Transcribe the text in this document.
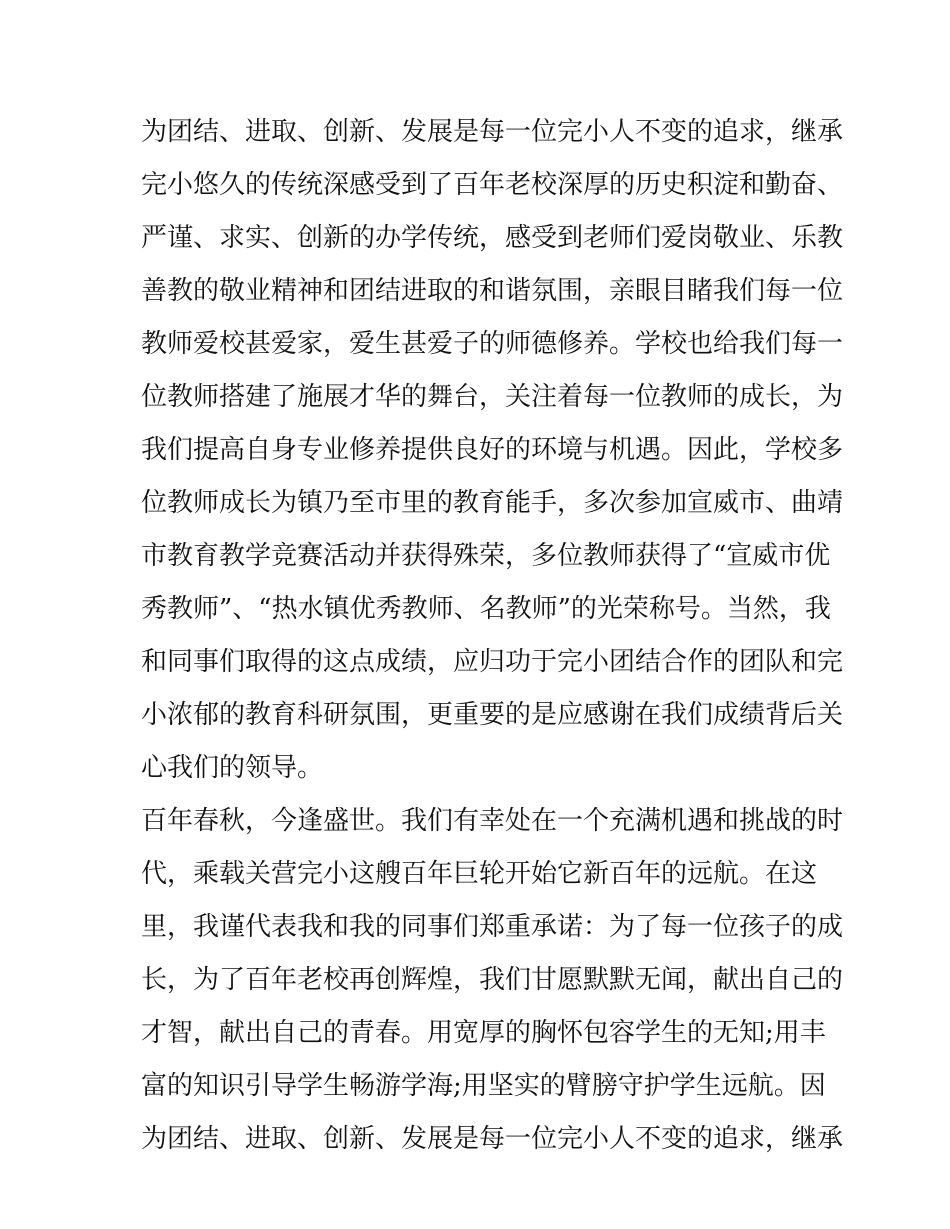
为团结、进取、创新、发展是每一位完小人不变的追求，继承
完小悠久的传统深感受到了百年老校深厚的历史积淀和勤奋、
严谨、求实、创新的办学传统，感受到老师们爱岗敬业、乐教
善教的敬业精神和团结进取的和谐氛围，亲眼目睹我们每一位
教师爱校甚爱家，爱生甚爱子的师德修养。学校也给我们每一
位教师搭建了施展才华的舞台，关注着每一位教师的成长，为
我们提高自身专业修养提供良好的环境与机遇。因此，学校多
位教师成长为镇乃至市里的教育能手，多次参加宣威市、曲靖
市教育教学竞赛活动并获得殊荣，多位教师获得了“宣威市优
秀教师”、“热水镇优秀教师、名教师”的光荣称号。当然，我
和同事们取得的这点成绩，应归功于完小团结合作的团队和完
小浓郁的教育科研氛围，更重要的是应感谢在我们成绩背后关
心我们的领导。
百年春秋，今逢盛世。我们有幸处在一个充满机遇和挑战的时
代，乘载关营完小这艘百年巨轮开始它新百年的远航。在这
里，我谨代表我和我的同事们郑重承诺：为了每一位孩子的成
长，为了百年老校再创辉煌，我们甘愿默默无闻，献出自己的
才智，献出自己的青春。用宽厚的胸怀包容学生的无知;用丰
富的知识引导学生畅游学海;用坚实的臂膀守护学生远航。因
为团结、进取、创新、发展是每一位完小人不变的追求，继承
